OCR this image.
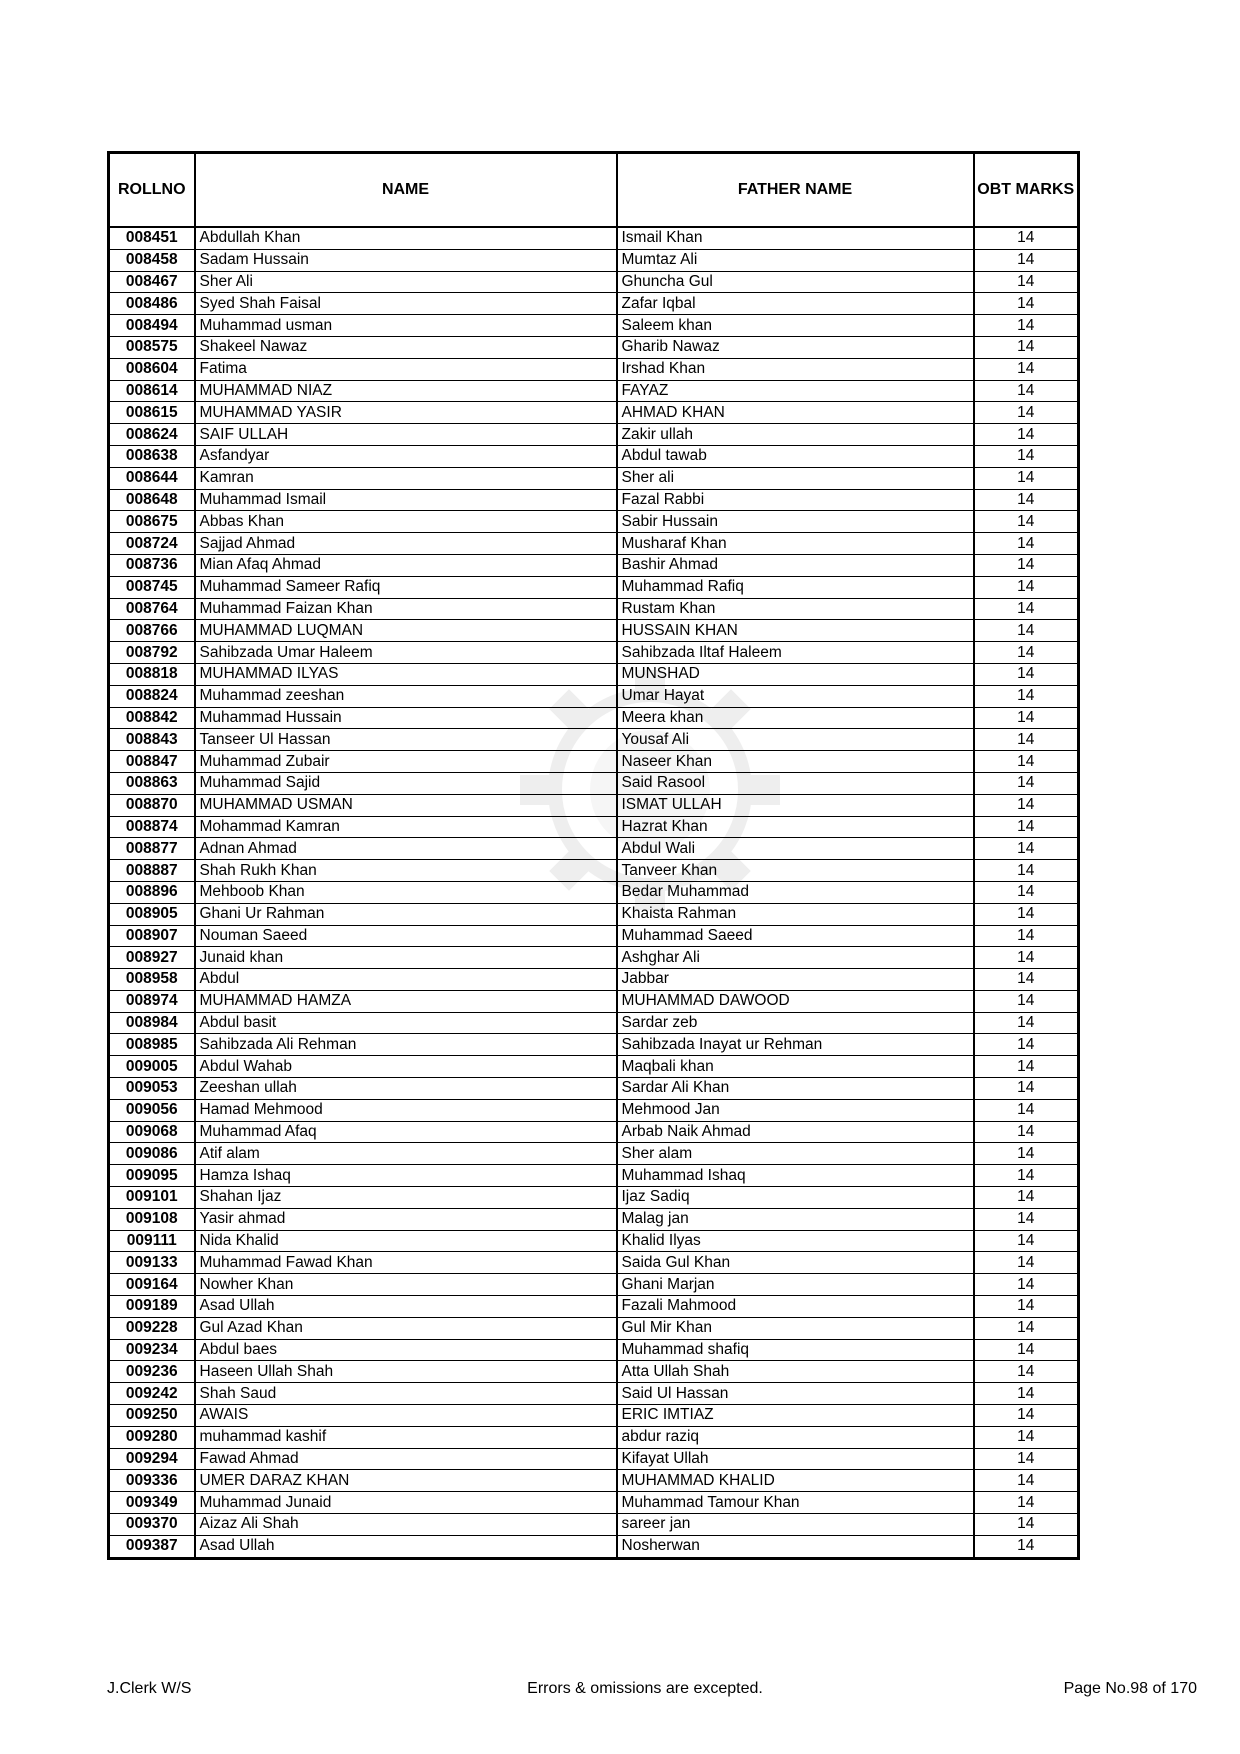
ROLLNO	NAME	FATHER NAME	OBT MARKS
008451	Abdullah Khan	Ismail Khan	14
008458	Sadam Hussain	Mumtaz Ali	14
008467	Sher Ali	Ghuncha Gul	14
008486	Syed Shah Faisal	Zafar Iqbal	14
008494	Muhammad usman	Saleem khan	14
008575	Shakeel Nawaz	Gharib Nawaz	14
008604	Fatima	Irshad Khan	14
008614	MUHAMMAD NIAZ	FAYAZ	14
008615	MUHAMMAD YASIR	AHMAD KHAN	14
008624	SAIF ULLAH	Zakir ullah	14
008638	Asfandyar	Abdul tawab	14
008644	Kamran	Sher ali	14
008648	Muhammad Ismail	Fazal Rabbi	14
008675	Abbas Khan	Sabir Hussain	14
008724	Sajjad Ahmad	Musharaf Khan	14
008736	Mian Afaq Ahmad	Bashir Ahmad	14
008745	Muhammad Sameer Rafiq	Muhammad Rafiq	14
008764	Muhammad Faizan Khan	Rustam Khan	14
008766	MUHAMMAD LUQMAN	HUSSAIN KHAN	14
008792	Sahibzada Umar Haleem	Sahibzada Iltaf Haleem	14
008818	MUHAMMAD ILYAS	MUNSHAD	14
008824	Muhammad zeeshan	Umar Hayat	14
008842	Muhammad Hussain	Meera khan	14
008843	Tanseer Ul Hassan	Yousaf Ali	14
008847	Muhammad Zubair	Naseer Khan	14
008863	Muhammad Sajid	Said Rasool	14
008870	MUHAMMAD USMAN	ISMAT ULLAH	14
008874	Mohammad Kamran	Hazrat Khan	14
008877	Adnan Ahmad	Abdul Wali	14
008887	Shah Rukh Khan	Tanveer Khan	14
008896	Mehboob Khan	Bedar Muhammad	14
008905	Ghani Ur Rahman	Khaista Rahman	14
008907	Nouman Saeed	Muhammad Saeed	14
008927	Junaid khan	Ashghar Ali	14
008958	Abdul	Jabbar	14
008974	MUHAMMAD HAMZA	MUHAMMAD DAWOOD	14
008984	Abdul basit	Sardar zeb	14
008985	Sahibzada Ali Rehman	Sahibzada Inayat ur Rehman	14
009005	Abdul Wahab	Maqbali khan	14
009053	Zeeshan ullah	Sardar Ali Khan	14
009056	Hamad Mehmood	Mehmood Jan	14
009068	Muhammad Afaq	Arbab Naik Ahmad	14
009086	Atif alam	Sher alam	14
009095	Hamza Ishaq	Muhammad Ishaq	14
009101	Shahan Ijaz	Ijaz Sadiq	14
009108	Yasir ahmad	Malag jan	14
009111	Nida Khalid	Khalid Ilyas	14
009133	Muhammad Fawad Khan	Saida Gul Khan	14
009164	Nowher Khan	Ghani Marjan	14
009189	Asad Ullah	Fazali Mahmood	14
009228	Gul Azad Khan	Gul Mir Khan	14
009234	Abdul baes	Muhammad shafiq	14
009236	Haseen Ullah Shah	Atta Ullah Shah	14
009242	Shah Saud	Said Ul Hassan	14
009250	AWAIS	ERIC IMTIAZ	14
009280	muhammad kashif	abdur raziq	14
009294	Fawad Ahmad	Kifayat Ullah	14
009336	UMER DARAZ KHAN	MUHAMMAD KHALID	14
009349	Muhammad Junaid	Muhammad Tamour Khan	14
009370	Aizaz Ali Shah	sareer jan	14
009387	Asad Ullah	Nosherwan	14
J.Clerk W/S	Errors & omissions are excepted.	Page No.98 of 170
